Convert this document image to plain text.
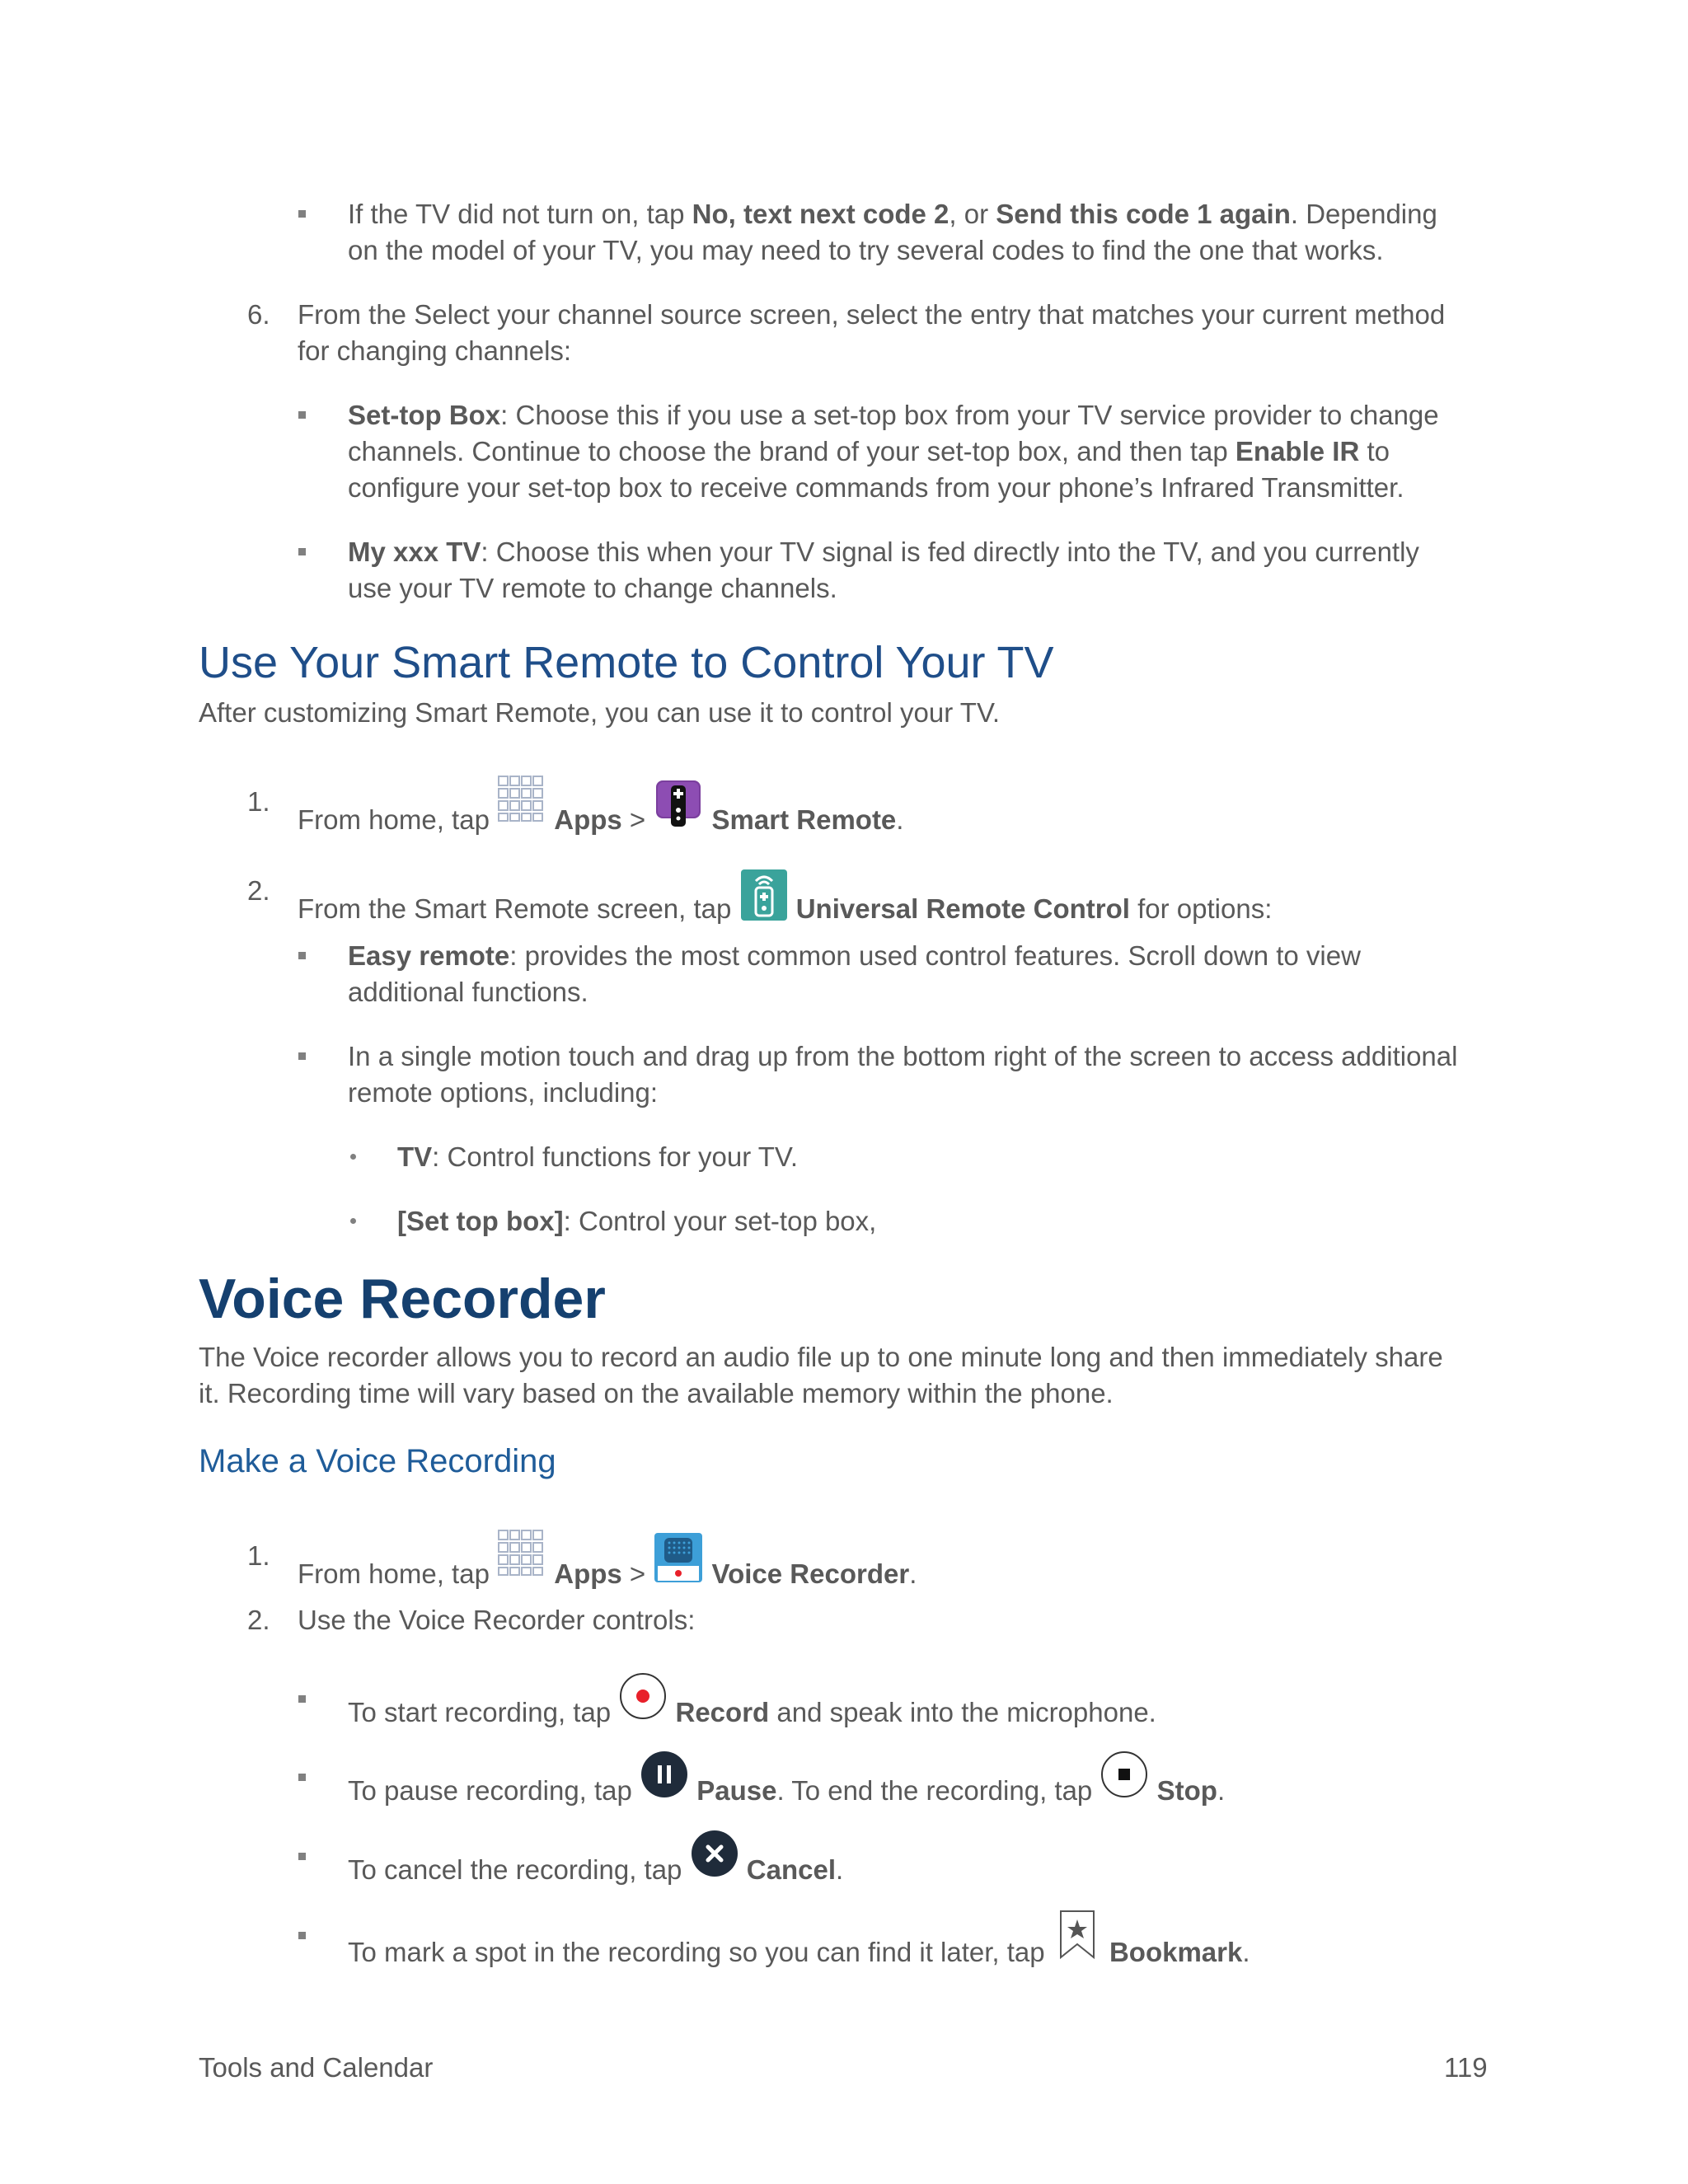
If the TV did not turn on, tap No, text next code 2, or Send this code 1 again. Depending
on the model of your TV, you may need to try several codes to find the one that works.
6. From the Select your channel source screen, select the entry that matches your current method
for changing channels:
Set-top Box: Choose this if you use a set-top box from your TV service provider to change
channels. Continue to choose the brand of your set-top box, and then tap Enable IR to
configure your set-top box to receive commands from your phone’s Infrared Transmitter.
My xxx TV: Choose this when your TV signal is fed directly into the TV, and you currently
use your TV remote to change channels.
Use Your Smart Remote to Control Your TV
After customizing Smart Remote, you can use it to control your TV.
1.
From home, tap  Apps >  Smart Remote.
2.
From the Smart Remote screen, tap  Universal Remote Control for options:
Easy remote: provides the most common used control features. Scroll down to view
additional functions.
In a single motion touch and drag up from the bottom right of the screen to access additional
remote options, including:
TV: Control functions for your TV.
[Set top box]: Control your set-top box,
Voice Recorder
The Voice recorder allows you to record an audio file up to one minute long and then immediately share
it. Recording time will vary based on the available memory within the phone.
Make a Voice Recording
1.
From home, tap  Apps >  Voice Recorder.
2. Use the Voice Recorder controls:
To start recording, tap  Record and speak into the microphone.
To pause recording, tap  Pause. To end the recording, tap  Stop.
To cancel the recording, tap  Cancel.
To mark a spot in the recording so you can find it later, tap  Bookmark.
Tools and Calendar	119
